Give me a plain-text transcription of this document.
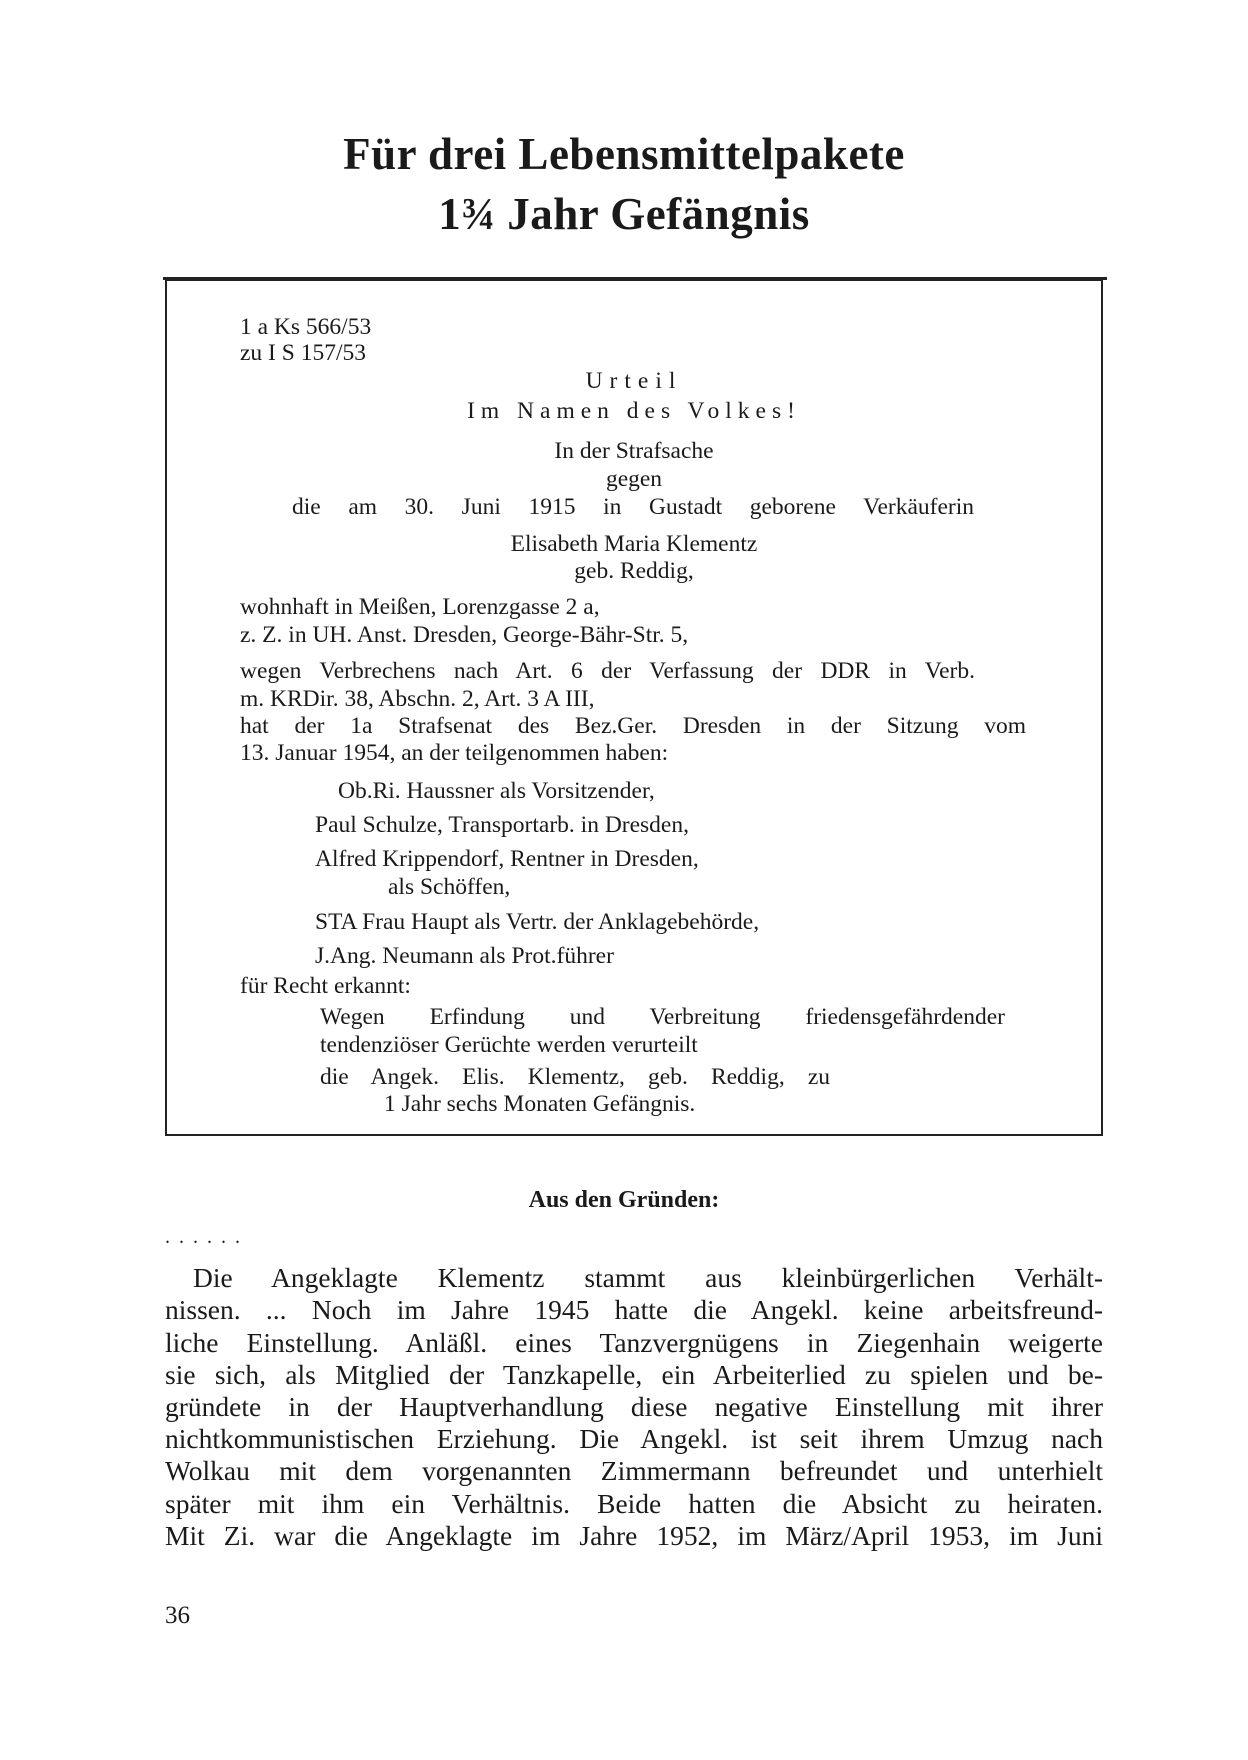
Für drei Lebensmittelpakete
1¾ Jahr Gefängnis
1 a Ks 566/53
zu I S 157/53
Urteil
Im Namen des Volkes!
In der Strafsache
gegen
die am 30. Juni 1915 in Gustadt geborene Verkäuferin
Elisabeth Maria Klementz
geb. Reddig,
wohnhaft in Meißen, Lorenzgasse 2 a,
z. Z. in UH. Anst. Dresden, George-Bähr-Str. 5,
wegen Verbrechens nach Art. 6 der Verfassung der DDR in Verb.
m. KRDir. 38, Abschn. 2, Art. 3 A III,
hat der 1a Strafsenat des Bez.Ger. Dresden in der Sitzung vom
13. Januar 1954, an der teilgenommen haben:
Ob.Ri. Haussner als Vorsitzender,
Paul Schulze, Transportarb. in Dresden,
Alfred Krippendorf, Rentner in Dresden,
als Schöffen,
STA Frau Haupt als Vertr. der Anklagebehörde,
J.Ang. Neumann als Prot.führer
für Recht erkannt:
Wegen Erfindung und Verbreitung friedensgefährdender
tendenziöser Gerüchte werden verurteilt
die Angek. Elis. Klementz, geb. Reddig, zu
1 Jahr sechs Monaten Gefängnis.
Aus den Gründen:
......
Die Angeklagte Klementz stammt aus kleinbürgerlichen Verhält-
nissen. ... Noch im Jahre 1945 hatte die Angekl. keine arbeitsfreund-
liche Einstellung. Anläßl. eines Tanzvergnügens in Ziegenhain weigerte
sie sich, als Mitglied der Tanzkapelle, ein Arbeiterlied zu spielen und be-
gründete in der Hauptverhandlung diese negative Einstellung mit ihrer
nichtkommunistischen Erziehung. Die Angekl. ist seit ihrem Umzug nach
Wolkau mit dem vorgenannten Zimmermann befreundet und unterhielt
später mit ihm ein Verhältnis. Beide hatten die Absicht zu heiraten.
Mit Zi. war die Angeklagte im Jahre 1952, im März/April 1953, im Juni
36
